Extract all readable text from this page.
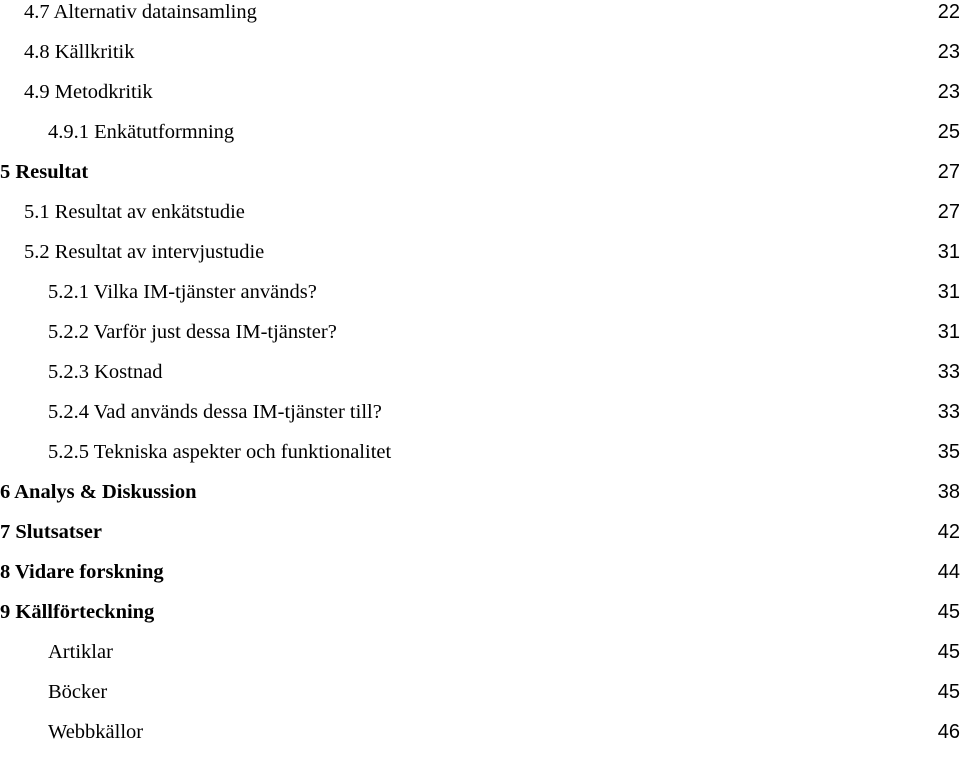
4.7 Alternativ datainsamling	22
4.8 Källkritik	23
4.9 Metodkritik	23
4.9.1 Enkätutformning	25
5 Resultat	27
5.1 Resultat av enkätstudie	27
5.2 Resultat av intervjustudie	31
5.2.1 Vilka IM-tjänster används?	31
5.2.2 Varför just dessa IM-tjänster?	31
5.2.3 Kostnad	33
5.2.4 Vad används dessa IM-tjänster till?	33
5.2.5 Tekniska aspekter och funktionalitet	35
6 Analys & Diskussion	38
7 Slutsatser	42
8 Vidare forskning	44
9 Källförteckning	45
Artiklar	45
Böcker	45
Webbkällor	46
